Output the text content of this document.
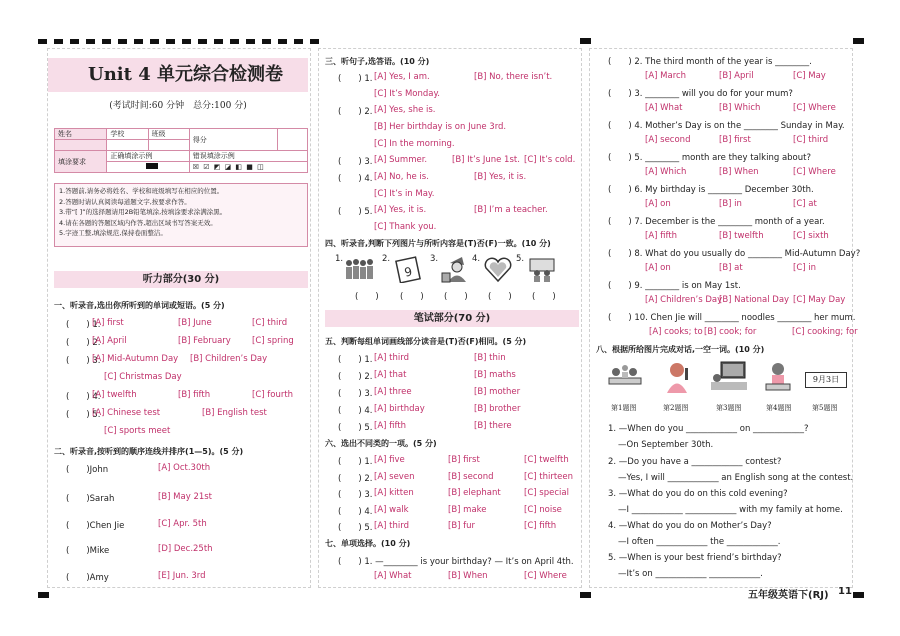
Unit 4 单元综合检测卷
(考试时间:60 分钟　总分:100 分)
姓名	学校	班级	得分	

填涂要求	正确填涂示例		错误填涂示例	
			☒ ☑ ◩ ◪ ◧ ■ ◫	
1.答题前,请务必将姓名、学校和班级填写在相应的位置。
2.答题时请认真阅读每道题文字,按要求作答。
3.带“[ ]”的选择题请用2B铅笔填涂,按填涂要求涂满涂黑。
4.请在各题的答题区域内作答,超出区域书写答案无效。
5.字迹工整,填涂规范,保持卷面整洁。
听力部分(30 分)
一、听录音,选出你所听到的单词或短语。(5 分)
(　　) 1.
[A] first	[B] June	[C] third
(　　) 2.
[A] April	[B] February [C] spring
(　　) 3.
[A] Mid-Autumn Day [B] Children’s Day
[C] Christmas Day
(　　) 4.
[A] twelfth	[B] fifth	[C] fourth
(　　) 5.
[A] Chinese test	[B] English test
[C] sports meet
二、听录音,按听到的顺序连线并排序(1—5)。(5 分)
(　　)John
(　　)Sarah
(　　)Chen Jie
(　　)Mike
(　　)Amy
[A] Oct.30th
[B] May 21st
[C] Apr. 5th
[D] Dec.25th
[E] Jun. 3rd
三、听句子,选答语。(10 分)
(　　) 1. [A] Yes, I am.	[B] No, there isn’t.
[C] It’s Monday.
(　　) 2. [A] Yes, she is.
[B] Her birthday is on June 3rd.
[C] In the morning.
(　　) 3. [A] Summer.	[B] It’s June 1st. [C] It’s cold.
(　　) 4. [A] No, he is.	[B] Yes, it is.
[C] It’s in May.
(　　) 5. [A] Yes, it is.	[B] I’m a teacher.
[C] Thank you.
四、听录音,判断下列图片与所听内容是(T)否(F)一致。(10 分)
1.	2.
9
3.	4.	5.
(　　)	(　　) (　　) (　　) (　　)
笔试部分(70 分)
五、判断每组单词画线部分读音是(T)否(F)相同。(5 分)
(　　) 1. [A] third	[B] thin
(　　) 2. [A] that	[B] maths
(　　) 3. [A] three	[B] mother
(　　) 4. [A] birthday	[B] brother
(　　) 5. [A] fifth	[B] there
六、选出不同类的一项。(5 分)
(　　) 1. [A] five	[B] first	[C] twelfth
(　　) 2. [A] seven	[B] second	[C] thirteen
(　　) 3. [A] kitten	[B] elephant	[C] special
(　　) 4. [A] walk	[B] make	[C] noise
(　　) 5. [A] third	[B] fur	[C] fifth
七、单项选择。(10 分)
(　　) 1. —________ is your birthday? — It’s on April 4th.
[A] What	[B] When	[C] Where
(　　) 2. The third month of the year is ________.
[A] March	[B] April	[C] May
(　　) 3. ________ will you do for your mum?
[A] What	[B] Which	[C] Where
(　　) 4. Mother’s Day is on the ________ Sunday in May.
[A] second	[B] first	[C] third
(　　) 5. ________ month are they talking about?
[A] Which	[B] When	[C] Where
(　　) 6. My birthday is ________ December 30th.
[A] on	[B] in	[C] at
(　　) 7. December is the ________ month of a year.
[A] fifth	[B] twelfth	[C] sixth
(　　) 8. What do you usually do ________ Mid-Autumn Day?
[A] on	[B] at	[C] in
(　　) 9. ________ is on May 1st.
[A] Children’s Day
[B] National Day [C] May Day
(　　) 10. Chen Jie will ________ noodles ________ her mum.
[A] cooks; to [B] cook; for	[C] cooking; for
八、根据所给图片完成对话,一空一词。(10 分)
9月3日
第1题图	第2题图	第3题图	第4题图	第5题图
1. —When do you ____________ on ____________?
—On September 30th.
2. —Do you have a ____________ contest?
—Yes, I will ____________ an English song at the contest.
3. —What do you do on this cold evening?
—I ____________ ____________ with my family at home.
4. —What do you do on Mother’s Day?
—I often ____________ the ____________.
5. —When is your best friend’s birthday?
—It’s on ____________ ____________.
五年级英语下(RJ) 11
